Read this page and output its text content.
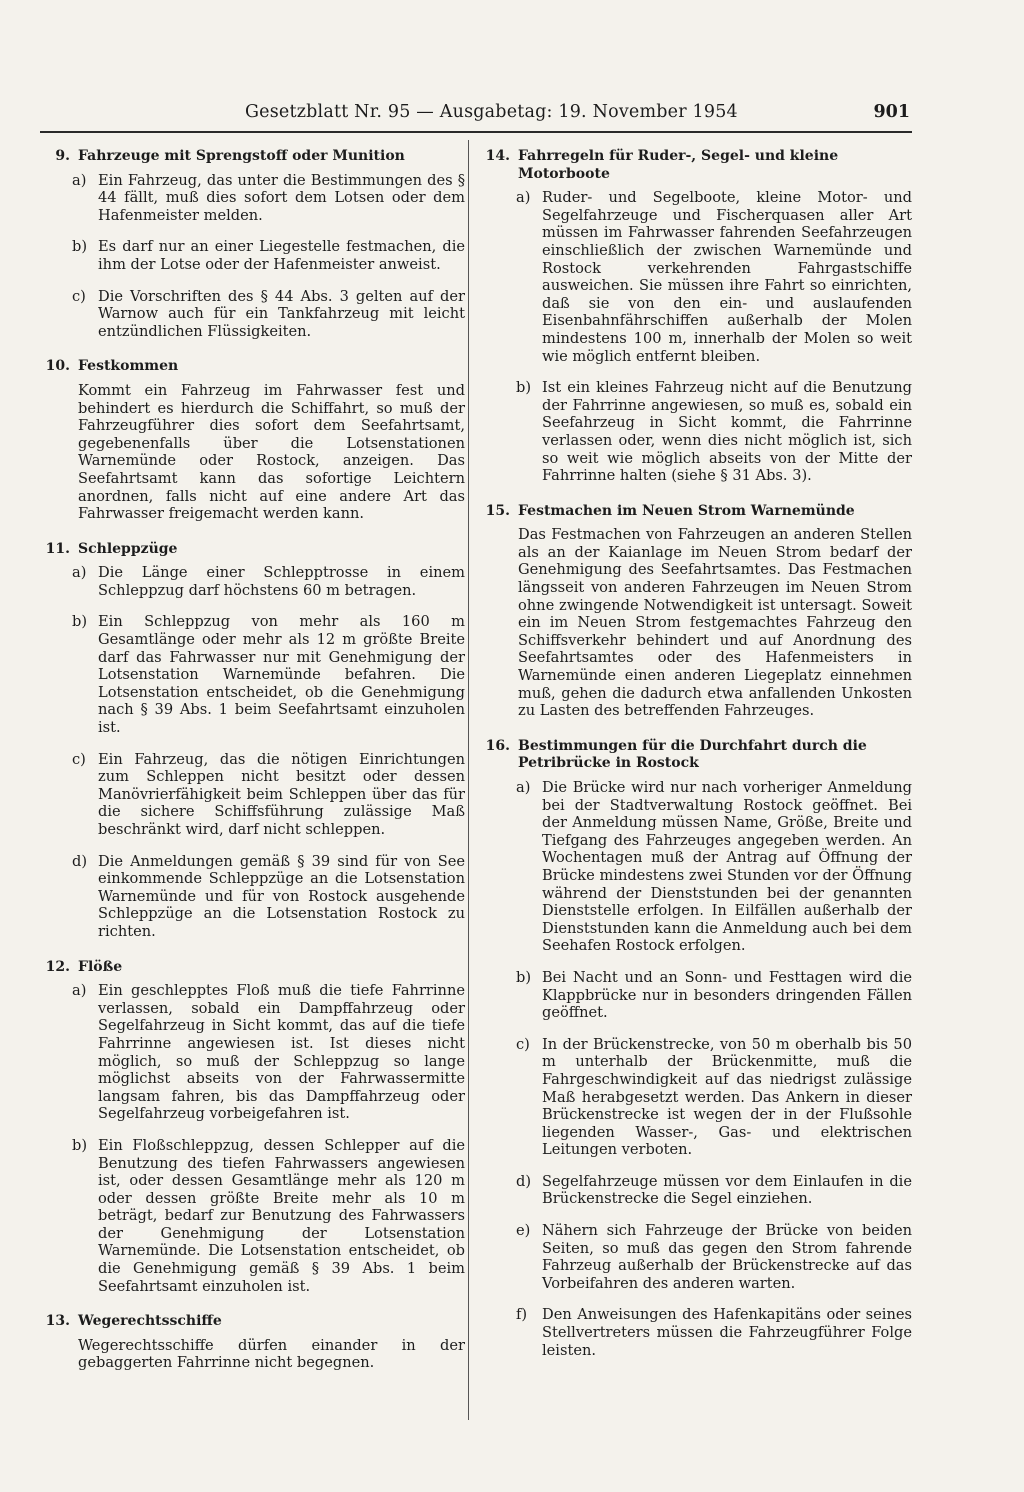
Gesetzblatt Nr. 95 — Ausgabetag: 19. November 1954	901
9. Fahrzeuge mit Sprengstoff oder Munition
a) Ein Fahrzeug, das unter die Bestimmungen des § 44 fällt, muß dies sofort dem Lotsen oder dem Hafenmeister melden.
b) Es darf nur an einer Liegestelle festmachen, die ihm der Lotse oder der Hafenmeister anweist.
c) Die Vorschriften des § 44 Abs. 3 gelten auf der Warnow auch für ein Tankfahrzeug mit leicht entzündlichen Flüssigkeiten.
10. Festkommen
Kommt ein Fahrzeug im Fahrwasser fest und behindert es hierdurch die Schiffahrt, so muß der Fahrzeugführer dies sofort dem Seefahrtsamt, gegebenenfalls über die Lotsenstationen Warnemünde oder Rostock, anzeigen. Das Seefahrtsamt kann das sofortige Leichtern anordnen, falls nicht auf eine andere Art das Fahrwasser freigemacht werden kann.
11. Schleppzüge
a) Die Länge einer Schlepptrosse in einem Schleppzug darf höchstens 60 m betragen.
b) Ein Schleppzug von mehr als 160 m Gesamtlänge oder mehr als 12 m größte Breite darf das Fahrwasser nur mit Genehmigung der Lotsenstation Warnemünde befahren. Die Lotsenstation entscheidet, ob die Genehmigung nach § 39 Abs. 1 beim Seefahrtsamt einzuholen ist.
c) Ein Fahrzeug, das die nötigen Einrichtungen zum Schleppen nicht besitzt oder dessen Manövrierfähigkeit beim Schleppen über das für die sichere Schiffsführung zulässige Maß beschränkt wird, darf nicht schleppen.
d) Die Anmeldungen gemäß § 39 sind für von See einkommende Schleppzüge an die Lotsenstation Warnemünde und für von Rostock ausgehende Schleppzüge an die Lotsenstation Rostock zu richten.
12. Flöße
a) Ein geschlepptes Floß muß die tiefe Fahrrinne verlassen, sobald ein Dampffahrzeug oder Segelfahrzeug in Sicht kommt, das auf die tiefe Fahrrinne angewiesen ist. Ist dieses nicht möglich, so muß der Schleppzug so lange möglichst abseits von der Fahrwassermitte langsam fahren, bis das Dampffahrzeug oder Segelfahrzeug vorbeigefahren ist.
b) Ein Floßschleppzug, dessen Schlepper auf die Benutzung des tiefen Fahrwassers angewiesen ist, oder dessen Gesamtlänge mehr als 120 m oder dessen größte Breite mehr als 10 m beträgt, bedarf zur Benutzung des Fahrwassers der Genehmigung der Lotsenstation Warnemünde. Die Lotsenstation entscheidet, ob die Genehmigung gemäß § 39 Abs. 1 beim Seefahrtsamt einzuholen ist.
13. Wegerechtsschiffe
Wegerechtsschiffe dürfen einander in der gebaggerten Fahrrinne nicht begegnen.
14. Fahrregeln für Ruder-, Segel- und kleine Motorboote
a) Ruder- und Segelboote, kleine Motor- und Segelfahrzeuge und Fischerquasen aller Art müssen im Fahrwasser fahrenden Seefahrzeugen einschließlich der zwischen Warnemünde und Rostock verkehrenden Fahrgastschiffe ausweichen. Sie müssen ihre Fahrt so einrichten, daß sie von den ein- und auslaufenden Eisenbahnfährschiffen außerhalb der Molen mindestens 100 m, innerhalb der Molen so weit wie möglich entfernt bleiben.
b) Ist ein kleines Fahrzeug nicht auf die Benutzung der Fahrrinne angewiesen, so muß es, sobald ein Seefahrzeug in Sicht kommt, die Fahrrinne verlassen oder, wenn dies nicht möglich ist, sich so weit wie möglich abseits von der Mitte der Fahrrinne halten (siehe § 31 Abs. 3).
15. Festmachen im Neuen Strom Warnemünde
Das Festmachen von Fahrzeugen an anderen Stellen als an der Kaianlage im Neuen Strom bedarf der Genehmigung des Seefahrtsamtes. Das Festmachen längsseit von anderen Fahrzeugen im Neuen Strom ohne zwingende Notwendigkeit ist untersagt. Soweit ein im Neuen Strom festgemachtes Fahrzeug den Schiffsverkehr behindert und auf Anordnung des Seefahrtsamtes oder des Hafenmeisters in Warnemünde einen anderen Liegeplatz einnehmen muß, gehen die dadurch etwa anfallenden Unkosten zu Lasten des betreffenden Fahrzeuges.
16. Bestimmungen für die Durchfahrt durch die Petribrücke in Rostock
a) Die Brücke wird nur nach vorheriger Anmeldung bei der Stadtverwaltung Rostock geöffnet. Bei der Anmeldung müssen Name, Größe, Breite und Tiefgang des Fahrzeuges angegeben werden. An Wochentagen muß der Antrag auf Öffnung der Brücke mindestens zwei Stunden vor der Öffnung während der Dienststunden bei der genannten Dienststelle erfolgen. In Eilfällen außerhalb der Dienststunden kann die Anmeldung auch bei dem Seehafen Rostock erfolgen.
b) Bei Nacht und an Sonn- und Festtagen wird die Klappbrücke nur in besonders dringenden Fällen geöffnet.
c) In der Brückenstrecke, von 50 m oberhalb bis 50 m unterhalb der Brückenmitte, muß die Fahrgeschwindigkeit auf das niedrigst zulässige Maß herabgesetzt werden. Das Ankern in dieser Brückenstrecke ist wegen der in der Flußsohle liegenden Wasser-, Gas- und elektrischen Leitungen verboten.
d) Segelfahrzeuge müssen vor dem Einlaufen in die Brückenstrecke die Segel einziehen.
e) Nähern sich Fahrzeuge der Brücke von beiden Seiten, so muß das gegen den Strom fahrende Fahrzeug außerhalb der Brückenstrecke auf das Vorbeifahren des anderen warten.
f)	Den Anweisungen des Hafenkapitäns oder seines Stellvertreters müssen die Fahrzeugführer Folge leisten.
